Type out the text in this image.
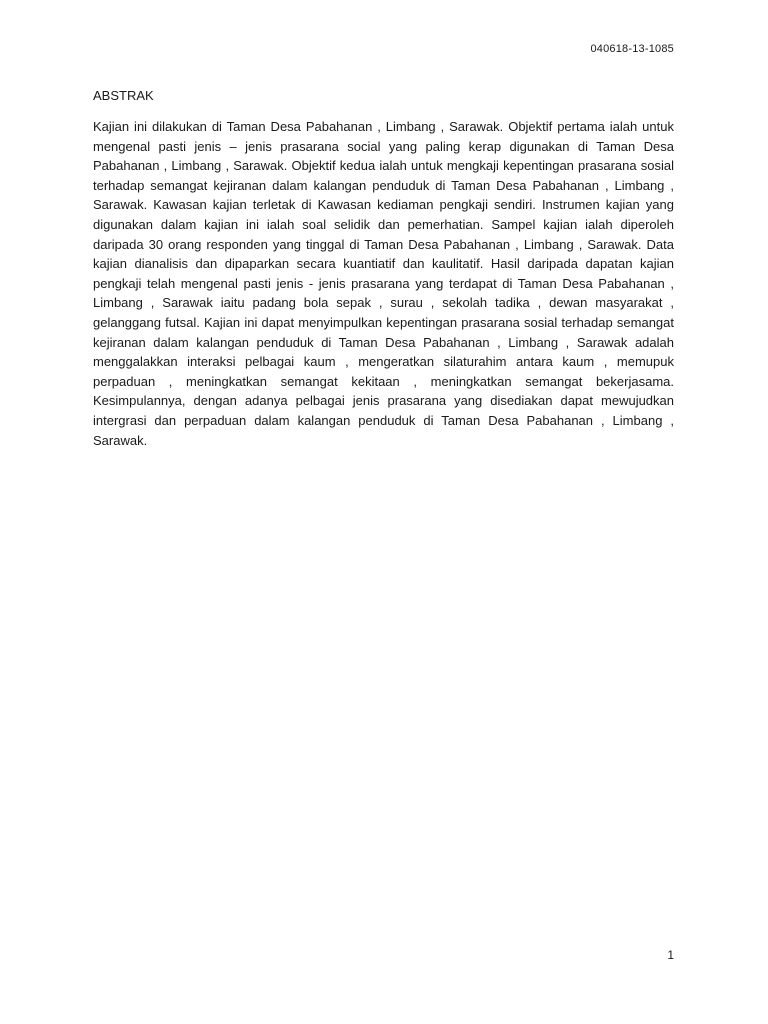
040618-13-1085
ABSTRAK

Kajian ini dilakukan di Taman Desa Pabahanan , Limbang , Sarawak. Objektif pertama ialah untuk mengenal pasti jenis – jenis prasarana social yang paling kerap digunakan di Taman Desa Pabahanan , Limbang , Sarawak. Objektif kedua ialah untuk mengkaji kepentingan prasarana sosial terhadap semangat kejiranan dalam kalangan penduduk di Taman Desa Pabahanan , Limbang , Sarawak. Kawasan kajian terletak di Kawasan kediaman pengkaji sendiri. Instrumen kajian yang digunakan dalam kajian ini ialah soal selidik dan pemerhatian. Sampel kajian ialah diperoleh daripada 30 orang responden yang tinggal di Taman Desa Pabahanan , Limbang , Sarawak. Data kajian dianalisis dan dipaparkan secara kuantiatif dan kaulitatif. Hasil daripada dapatan kajian pengkaji telah mengenal pasti jenis - jenis prasarana yang terdapat di Taman Desa Pabahanan , Limbang , Sarawak iaitu padang bola sepak , surau , sekolah tadika , dewan masyarakat , gelanggang futsal. Kajian ini dapat menyimpulkan kepentingan prasarana sosial terhadap semangat kejiranan dalam kalangan penduduk di Taman Desa Pabahanan , Limbang , Sarawak adalah menggalakkan interaksi pelbagai kaum , mengeratkan silaturahim antara kaum , memupuk perpaduan , meningkatkan semangat kekitaan , meningkatkan semangat bekerjasama. Kesimpulannya, dengan adanya pelbagai jenis prasarana yang disediakan dapat mewujudkan intergrasi dan perpaduan dalam kalangan penduduk di Taman Desa Pabahanan , Limbang , Sarawak.

1
